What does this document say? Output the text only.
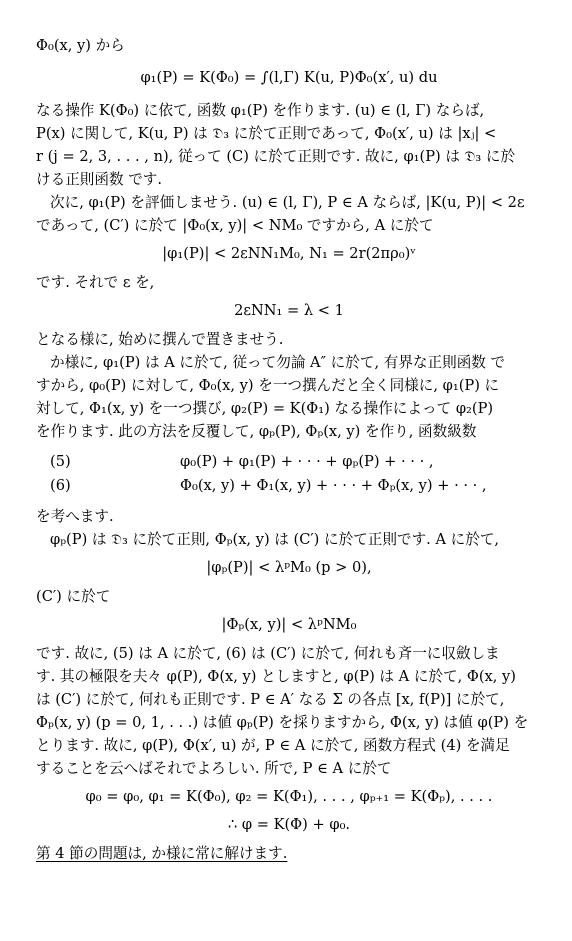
Φ₀(x, y) から

φ₁(P) = K(Φ₀) = ∫(l,Γ) K(u, P)Φ₀(x′, u) du

なる操作 K(Φ₀) に依て, 函数 φ₁(P) を作ります. (u) ∈ (l, Γ) ならば,

P(x) に関して, K(u, P) は 𝔇₃ に於て正則であって, Φ₀(x′, u) は |xⱼ| <

r (j = 2, 3, . . . , n), 従って (C) に於て正則です. 故に, φ₁(P) は 𝔇₃ に於

ける正則函数 です.

次に, φ₁(P) を評価しませう. (u) ∈ (l, Γ), P ∈ A ならば, |K(u, P)| < 2ε

であって, (C′) に於て |Φ₀(x, y)| < NM₀ ですから, A に於て

|φ₁(P)| < 2εNN₁M₀, N₁ = 2r(2πρ₀)ᵛ

です. それで ε を,

2εNN₁ = λ < 1

となる様に, 始めに撰んで置きませう.

か様に, φ₁(P) は A に於て, 従って勿論 A″ に於て, 有界な正則函数 で

すから, φ₀(P) に対して, Φ₀(x, y) を一つ撰んだと全く同様に, φ₁(P) に

対して, Φ₁(x, y) を一つ撰び, φ₂(P) = K(Φ₁) なる操作によって φ₂(P)

を作ります. 此の方法を反覆して, φₚ(P), Φₚ(x, y) を作り, 函数級数

(5)	φ₀(P) + φ₁(P) + · · · + φₚ(P) + · · · ,
(6)	Φ₀(x, y) + Φ₁(x, y) + · · · + Φₚ(x, y) + · · · ,

を考へます.

φₚ(P) は 𝔇₃ に於て正則, Φₚ(x, y) は (C′) に於て正則です. A に於て,

|φₚ(P)| < λᵖM₀ (p > 0),

(C′) に於て

|Φₚ(x, y)| < λᵖNM₀

です. 故に, (5) は A に於て, (6) は (C′) に於て, 何れも斉一に収斂しま

す. 其の極限を夫々 φ(P), Φ(x, y) としますと, φ(P) は A に於て, Φ(x, y)

は (C′) に於て, 何れも正則です. P ∈ A′ なる Σ の各点 [x, f(P)] に於て,

Φₚ(x, y) (p = 0, 1, . . .) は値 φₚ(P) を採りますから, Φ(x, y) は値 φ(P) を

とります. 故に, φ(P), Φ(x′, u) が, P ∈ A に於て, 函数方程式 (4) を満足

することを云へばそれでよろしい. 所で, P ∈ A に於て

φ₀ = φ₀, φ₁ = K(Φ₀), φ₂ = K(Φ₁), . . . , φₚ₊₁ = K(Φₚ), . . . .
∴ φ = K(Φ) + φ₀.

第 4 節の問題は, か様に常に解けます.
